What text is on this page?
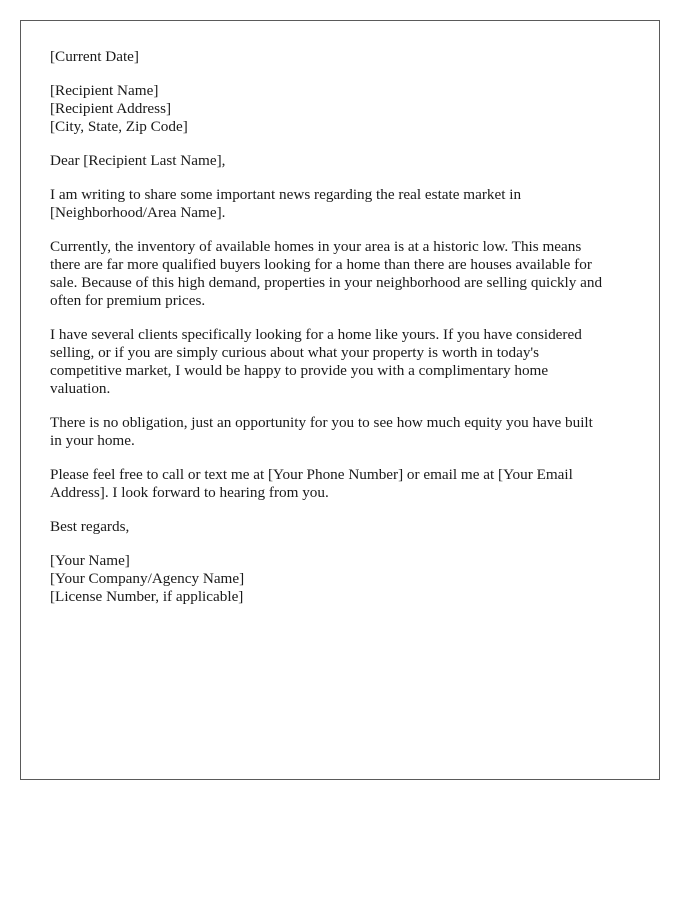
[Current Date]
[Recipient Name]
[Recipient Address]
[City, State, Zip Code]
Dear [Recipient Last Name],
I am writing to share some important news regarding the real estate market in
[Neighborhood/Area Name].
Currently, the inventory of available homes in your area is at a historic low. This means
there are far more qualified buyers looking for a home than there are houses available for
sale. Because of this high demand, properties in your neighborhood are selling quickly and
often for premium prices.
I have several clients specifically looking for a home like yours. If you have considered
selling, or if you are simply curious about what your property is worth in today's
competitive market, I would be happy to provide you with a complimentary home
valuation.
There is no obligation, just an opportunity for you to see how much equity you have built
in your home.
Please feel free to call or text me at [Your Phone Number] or email me at [Your Email
Address]. I look forward to hearing from you.
Best regards,
[Your Name]
[Your Company/Agency Name]
[License Number, if applicable]
